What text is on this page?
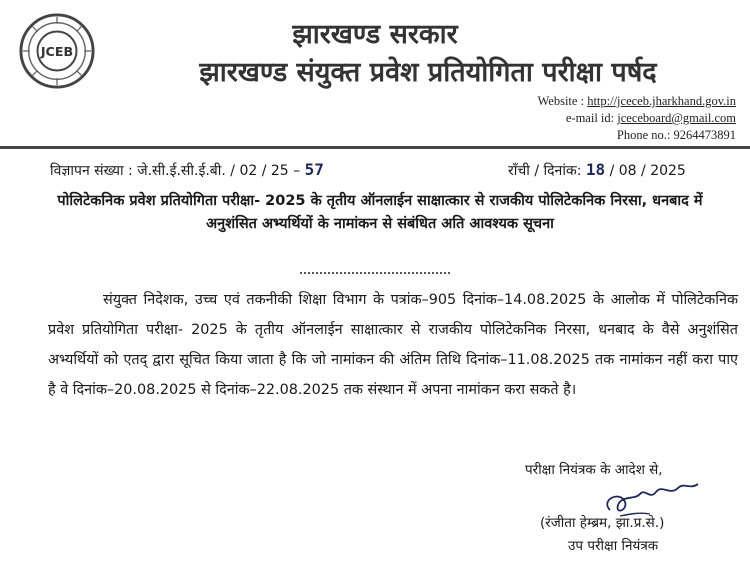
JCEB
झारखण्ड सरकार
झारखण्ड संयुक्त प्रवेश प्रतियोगिता परीक्षा पर्षद
Website : http://jceceb.jharkhand.gov.in
e-mail id: jceceboard@gmail.com
Phone no.: 9264473891
विज्ञापन संख्या : जे.सी.ई.सी.ई.बी. / 02 / 25 – 57	राँची / दिनांक: 18 / 08 / 2025
पोलिटेकनिक प्रवेश प्रतियोगिता परीक्षा- 2025 के तृतीय ऑनलाईन साक्षात्कार से राजकीय पोलिटेकनिक निरसा, धनबाद में अनुशंसित अभ्यर्थियों के नामांकन से संबंधित अति आवश्यक सूचना
संयुक्त निदेशक, उच्च एवं तकनीकी शिक्षा विभाग के पत्रांक–905 दिनांक–14.08.2025 के आलोक में पोलिटेकनिक प्रवेश प्रतियोगिता परीक्षा- 2025 के तृतीय ऑनलाईन साक्षात्कार से राजकीय पोलिटेकनिक निरसा, धनबाद के वैसे अनुशंसित अभ्यर्थियों को एतद् द्वारा सूचित किया जाता है कि जो नामांकन की अंतिम तिथि दिनांक–11.08.2025 तक नामांकन नहीं करा पाए है वे दिनांक–20.08.2025 से दिनांक–22.08.2025 तक संस्थान में अपना नामांकन करा सकते है।
परीक्षा नियंत्रक के आदेश से,
(रंजीता हेम्ब्रम, झा.प्र.से.)
उप परीक्षा नियंत्रक
